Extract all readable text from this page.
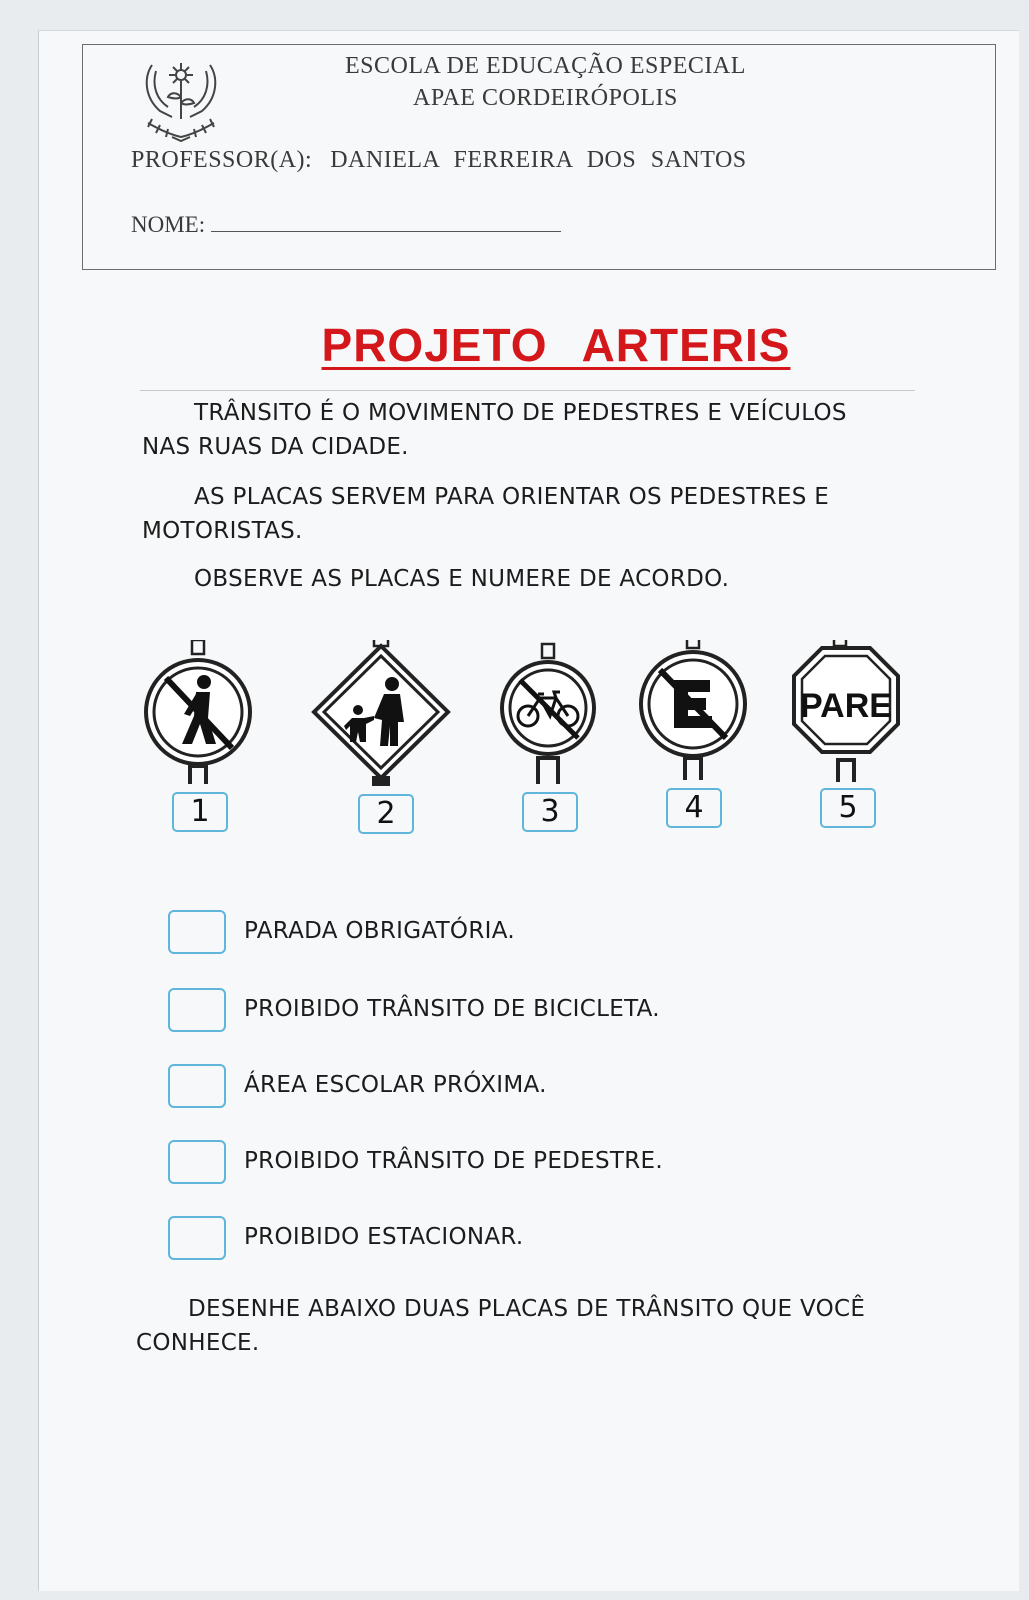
ESCOLA DE EDUCAÇÃO ESPECIAL
APAE CORDEIRÓPOLIS
PROFESSOR(A): DANIELA FERREIRA DOS SANTOS
NOME:
PROJETO ARTERIS
TRÂNSITO É O MOVIMENTO DE PEDESTRES E VEÍCULOS NAS RUAS DA CIDADE.
AS PLACAS SERVEM PARA ORIENTAR OS PEDESTRES E MOTORISTAS.
OBSERVE AS PLACAS E NUMERE DE ACORDO.
PARE
1	2	3	4	5
PARADA OBRIGATÓRIA.
PROIBIDO TRÂNSITO DE BICICLETA.
ÁREA ESCOLAR PRÓXIMA.
PROIBIDO TRÂNSITO DE PEDESTRE.
PROIBIDO ESTACIONAR.
DESENHE ABAIXO DUAS PLACAS DE TRÂNSITO QUE VOCÊ CONHECE.
